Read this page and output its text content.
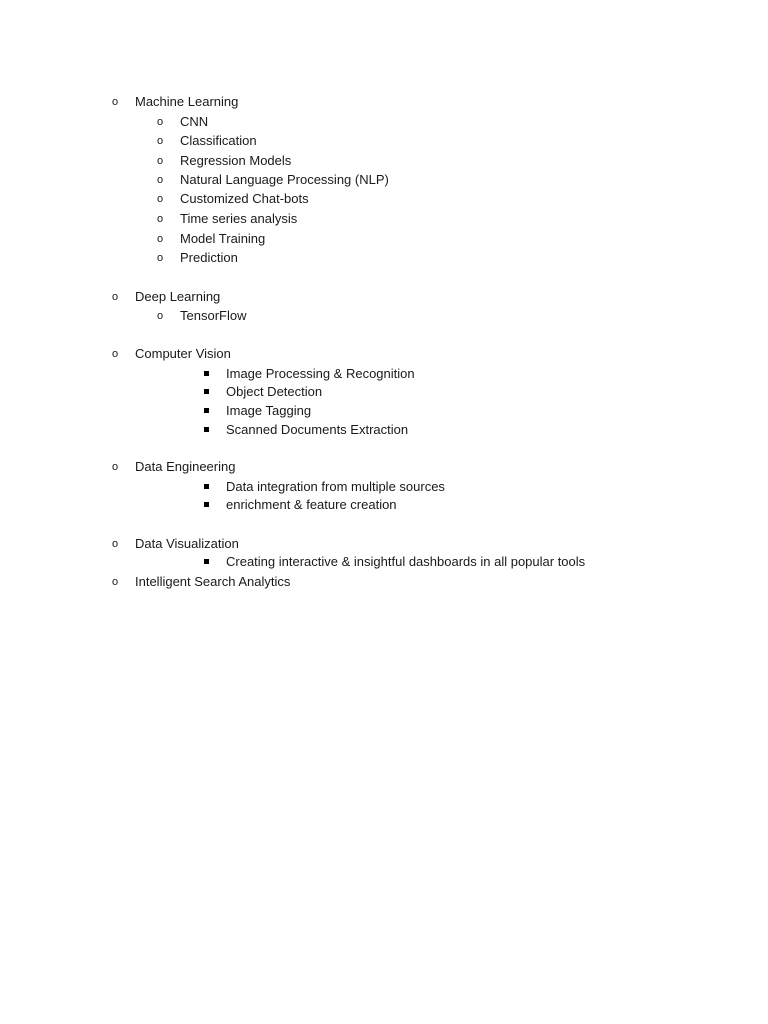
o Machine Learning
o CNN
o Classification
o Regression Models
o Natural Language Processing (NLP)
o Customized Chat-bots
o Time series analysis
o Model Training
o Prediction
o Deep Learning
o TensorFlow
o Computer Vision
Image Processing & Recognition
Object Detection
Image Tagging
Scanned Documents Extraction
o Data Engineering
Data integration from multiple sources
enrichment & feature creation
o Data Visualization
Creating interactive & insightful dashboards in all popular tools
o Intelligent Search Analytics
